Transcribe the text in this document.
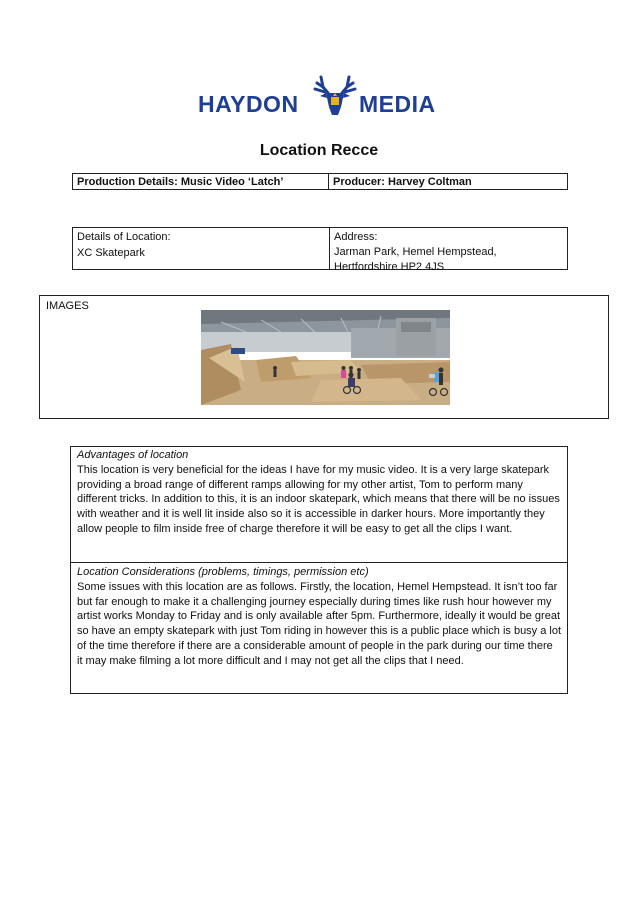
HAYDON	MEDIA
Location Recce
Production Details: Music Video ‘Latch’	Producer: Harvey Coltman
Details of Location:
XC Skatepark
Address:
Jarman Park, Hemel Hempstead,
Hertfordshire HP2 4JS
IMAGES
Advantages of location
This location is very beneficial for the ideas I have for my music video. It is a very large skatepark
providing a broad range of different ramps allowing for my other artist, Tom to perform many
different tricks. In addition to this, it is an indoor skatepark, which means that there will be no issues
with weather and it is well lit inside also so it is accessible in darker hours. More importantly they
allow people to film inside free of charge therefore it will be easy to get all the clips I want.
Location Considerations (problems, timings, permission etc)
Some issues with this location are as follows. Firstly, the location, Hemel Hempstead. It isn’t too far
but far enough to make it a challenging journey especially during times like rush hour however my
artist works Monday to Friday and is only available after 5pm. Furthermore, ideally it would be great
so have an empty skatepark with just Tom riding in however this is a public place which is busy a lot
of the time therefore if there are a considerable amount of people in the park during our time there
it may make filming a lot more difficult and I may not get all the clips that I need.
